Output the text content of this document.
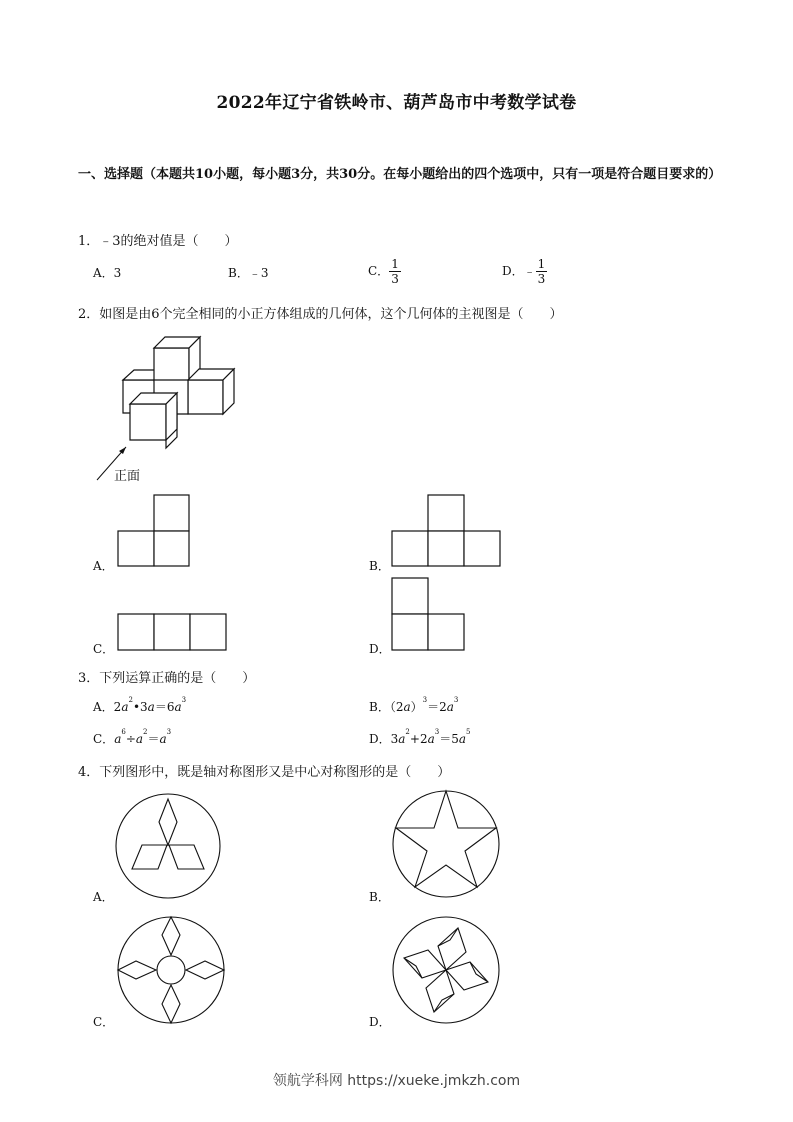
2022年辽宁省铁岭市、葫芦岛市中考数学试卷
一、选择题（本题共10小题，每小题3分，共30分。在每小题给出的四个选项中，只有一项是符合题目要求的）
1．﹣3的绝对值是（　　）
A．3	B．﹣3	C． $\frac{1}{3}$	D．﹣ $\frac{1}{3}$
2．如图是由6个完全相同的小正方体组成的几何体，这个几何体的主视图是（　　）
正面
A．	B．
C．	D．
3．下列运算正确的是（　　）
A．$2a^2•3a=6a^3$	B．$(2a)^3=2a^3$
C．$a^6\div a^2=a^3$	D．$3a^2+2a^3=5a^5$
4．下列图形中，既是轴对称图形又是中心对称图形的是（　　）
A．	B．
C．	D．
领航学科网 https://xueke.jmkzh.com
